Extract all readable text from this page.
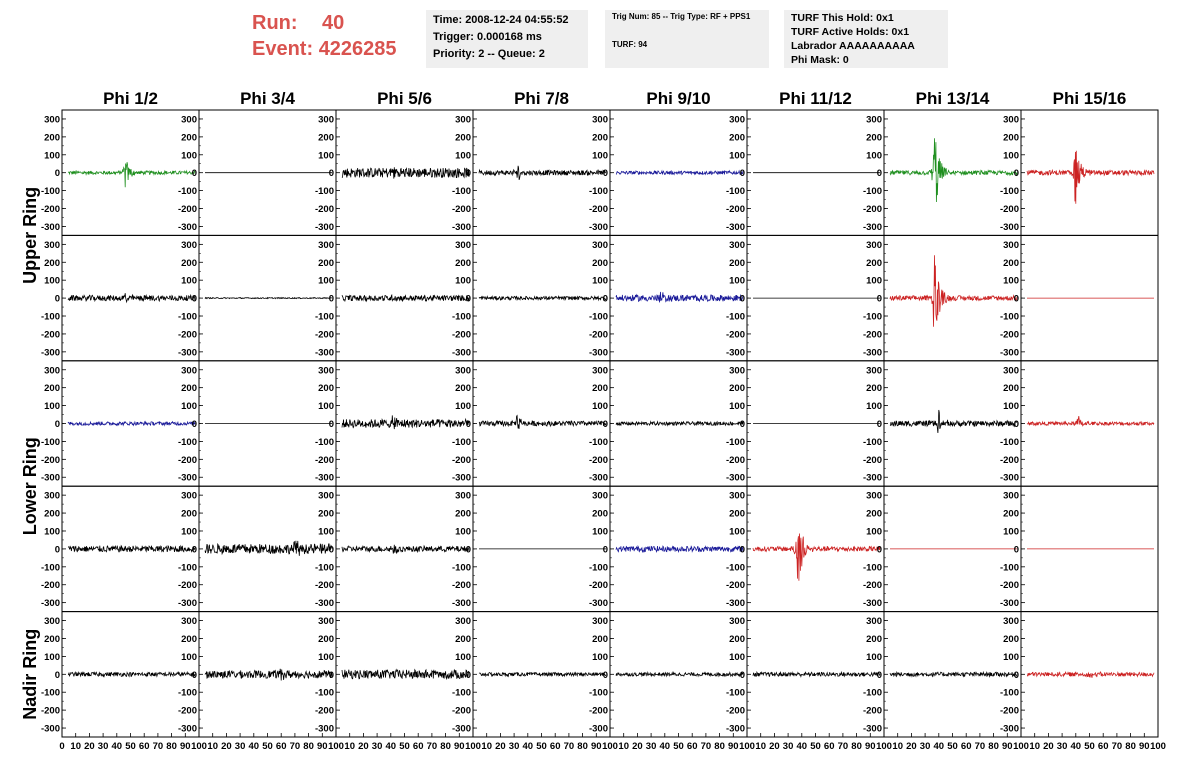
Run:	40
Event:
4226285
Time: 2008-12-24 04:55:52
Trigger: 0.000168 ms
Priority: 2 -- Queue: 2
Trig Num: 85 -- Trig Type: RF + PPS1
TURF: 94
TURF This Hold: 0x1
TURF Active Holds: 0x1
Labrador AAAAAAAAAA
Phi Mask: 0
Phi 1/2	Phi 3/4	Phi 5/6	Phi 7/8	Phi 9/10	Phi 11/12	Phi 13/14	Phi 15/16
Upper Ring
Lower Ring
Nadir Ring
-300
-200
-100
0
100
200
300
-300
-200
-100
0
100
200
300
-300
-200
-100
0
100
200
300
-300
-200
-100
0
100
200
300
-300
-200
-100
0
100
200
300
-300
-200
-100
0
100
200
300
-300
-200
-100
0
100
200
300
-300
-200
-100
0
100
200
300
-300
-200
-100
0
100
200
300
-300
-200
-100
0
100
200
300
-300
-200
-100
0
100
200
300
-300
-200
-100
0
100
200
300
-300
-200
-100
0
100
200
300
-300
-200
-100
0
100
200
300
-300
-200
-100
0
100
200
300
-300
-200
-100
0
100
200
300
-300
-200
-100
0
100
200
300
-300
-200
-100
0
100
200
300
-300
-200
-100
0
100
200
300
-300
-200
-100
0
100
200
300
-300
-200
-100
0
100
200
300
-300
-200
-100
0
100
200
300
-300
-200
-100
0
100
200
300
-300
-200
-100
0
100
200
300
-300
-200
-100
0
100
200
300
-300
-200
-100
0
100
200
300
-300
-200
-100
0
100
200
300
-300
-200
-100
0
100
200
300
-300
-200
-100
0
100
200
300
-300
-200
-100
0
100
200
300
-300
-200
-100
0
100
200
300
-300
-200
-100
0
100
200
300
-300
-200
-100
0
100
200
300
-300
-200
-100
0
100
200
300
-300
-200
-100
0
100
200
300
-300
-200
-100
0
100
200
300
-300
-200
-100
0
100
200
300
-300
-200
-100
0
100
200
300
-300
-200
-100
0
100
200
300
-300
-200
-100
0
100
200
300
0 10 20 30 40 50 60 70 80 90 100 10 20 30 40 50 60 70 80 90 100 10 20 30 40 50 60 70 80 90 100 10 20 30 40 50 60 70 80 90 100 10 20 30 40 50 60 70 80 90 100 10 20 30 40 50 60 70 80 90 100 10 20 30 40 50 60 70 80 90 100 10 20 30 40 50 60 70 80 90 100
